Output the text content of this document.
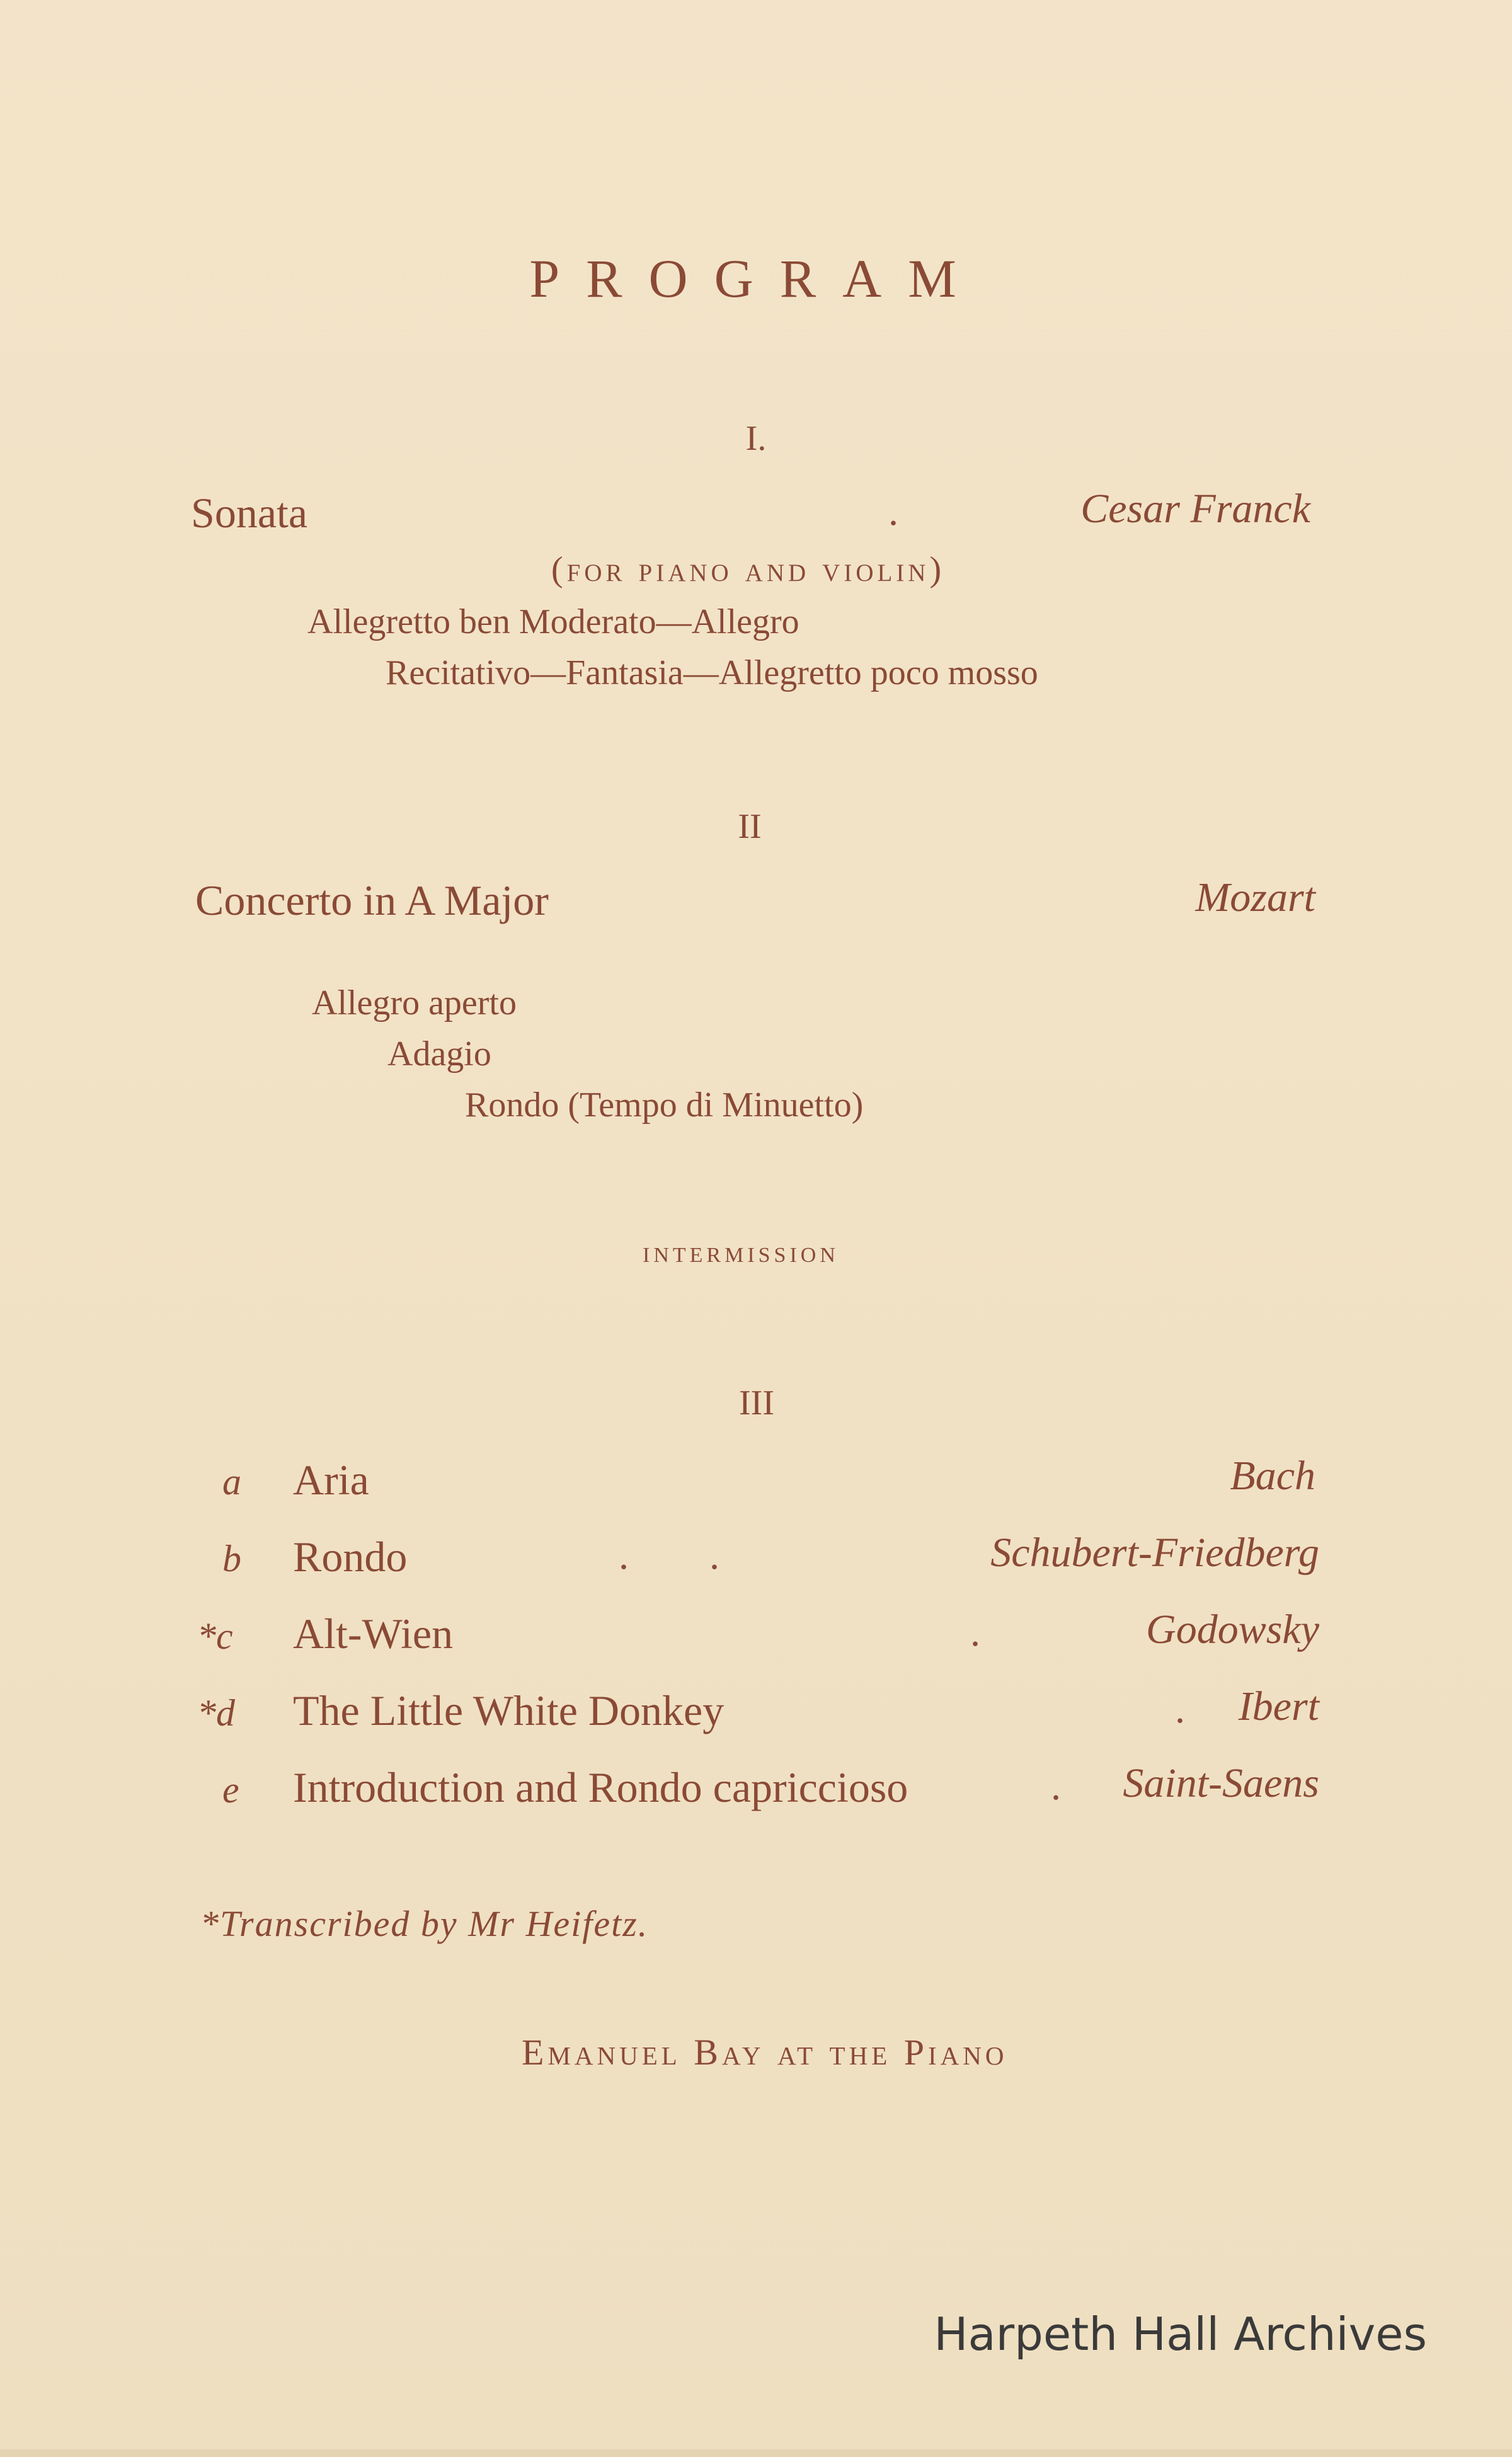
PROGRAM
I.
Sonata	.	Cesar Franck
(for piano and violin)
Allegretto ben Moderato—Allegro
Recitativo—Fantasia—Allegretto poco mosso
II
Concerto in A Major	Mozart
Allegro aperto
Adagio
Rondo (Tempo di Minuetto)
intermission
III
a Aria	Bach
b Rondo	.        .	Schubert-Friedberg
*c Alt-Wien	.	Godowsky
*d The Little White Donkey	. Ibert
e Introduction and Rondo capriccioso	. Saint-Saens
*Transcribed by Mr Heifetz.
Emanuel Bay at the Piano
Harpeth Hall Archives
